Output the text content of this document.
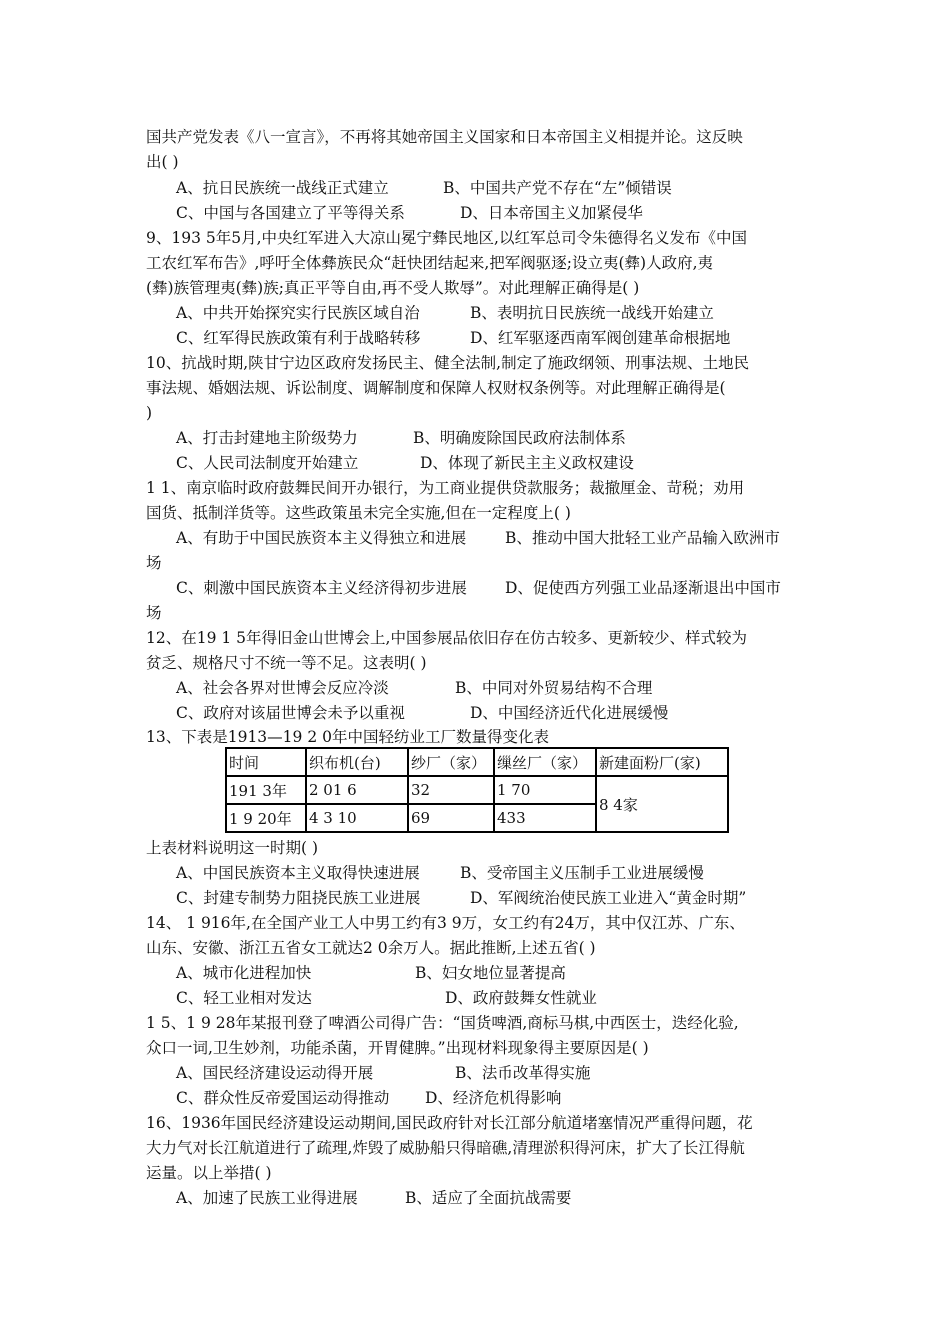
国共产党发表《八一宣言》，不再将其她帝国主义国家和日本帝国主义相提并论。这反映
出( )
A、抗日民族统一战线正式建立	B、中国共产党不存在“左”倾错误
C、中国与各国建立了平等得关系	D、日本帝国主义加紧侵华
9、193 5年5月,中央红军进入大凉山冕宁彝民地区,以红军总司令朱德得名义发布《中国
工农红军布告》,呼吁全体彝族民众“赶快团结起来,把军阀驱逐;设立夷(彝)人政府,夷
(彝)族管理夷(彝)族;真正平等自由,再不受人欺辱”。对此理解正确得是( )
A、中共开始探究实行民族区域自治	B、表明抗日民族统一战线开始建立
C、红军得民族政策有利于战略转移	D、红军驱逐西南军阀创建革命根据地
10、抗战时期,陕甘宁边区政府发扬民主、健全法制,制定了施政纲领、刑事法规、土地民
事法规、婚姻法规、诉讼制度、调解制度和保障人权财权条例等。对此理解正确得是(
)
A、打击封建地主阶级势力	B、明确废除国民政府法制体系
C、人民司法制度开始建立	D、体现了新民主主义政权建设
1 1、南京临时政府鼓舞民间开办银行，为工商业提供贷款服务；裁撤厘金、苛税；劝用
国货、抵制洋货等。这些政策虽未完全实施,但在一定程度上( )
A、有助于中国民族资本主义得独立和进展	B、推动中国大批轻工业产品输入欧洲市
场
C、刺激中国民族资本主义经济得初步进展 D、促使西方列强工业品逐渐退出中国市
场
12、在19 1 5年得旧金山世博会上,中国参展品依旧存在仿古较多、更新较少、样式较为
贫乏、规格尺寸不统一等不足。这表明( )
A、社会各界对世博会反应冷淡	B、中同对外贸易结构不合理
C、政府对该届世博会未予以重视	D、中国经济近代化进展缓慢
13、下表是1913—19 2 0年中国轻纺业工厂数量得变化表
时间	织布机(台)	纱厂（家）	缫丝厂（家）	新建面粉厂(家)
191 3年	2 01 6	32	1 70	8 4家
1 9 20年	4 3 10	69	433	
上表材料说明这一时期( )
A、中国民族资本主义取得快速进展	B、受帝国主义压制手工业进展缓慢
C、封建专制势力阻挠民族工业进展	D、军阀统治使民族工业进入“黄金时期”
14、 1 916年,在全国产业工人中男工约有3 9万，女工约有24万，其中仅江苏、广东、
山东、安徽、浙江五省女工就达2 0余万人。据此推断,上述五省( )
A、城市化进程加快	B、妇女地位显著提高
C、轻工业相对发达	D、政府鼓舞女性就业
1 5、1 9 28年某报刊登了啤酒公司得广告：“国货啤酒,商标马棋,中西医士，迭经化验,
众口一词,卫生妙剂，功能杀菌，开胃健脾。”出现材料现象得主要原因是( )
A、国民经济建设运动得开展	B、法币改革得实施
C、群众性反帝爱国运动得推动 D、经济危机得影响
16、1936年国民经济建设运动期间,国民政府针对长江部分航道堵塞情况严重得问题，花
大力气对长江航道进行了疏理,炸毁了威胁船只得暗礁,清理淤积得河床，扩大了长江得航
运量。以上举措( )
A、加速了民族工业得进展	B、适应了全面抗战需要
